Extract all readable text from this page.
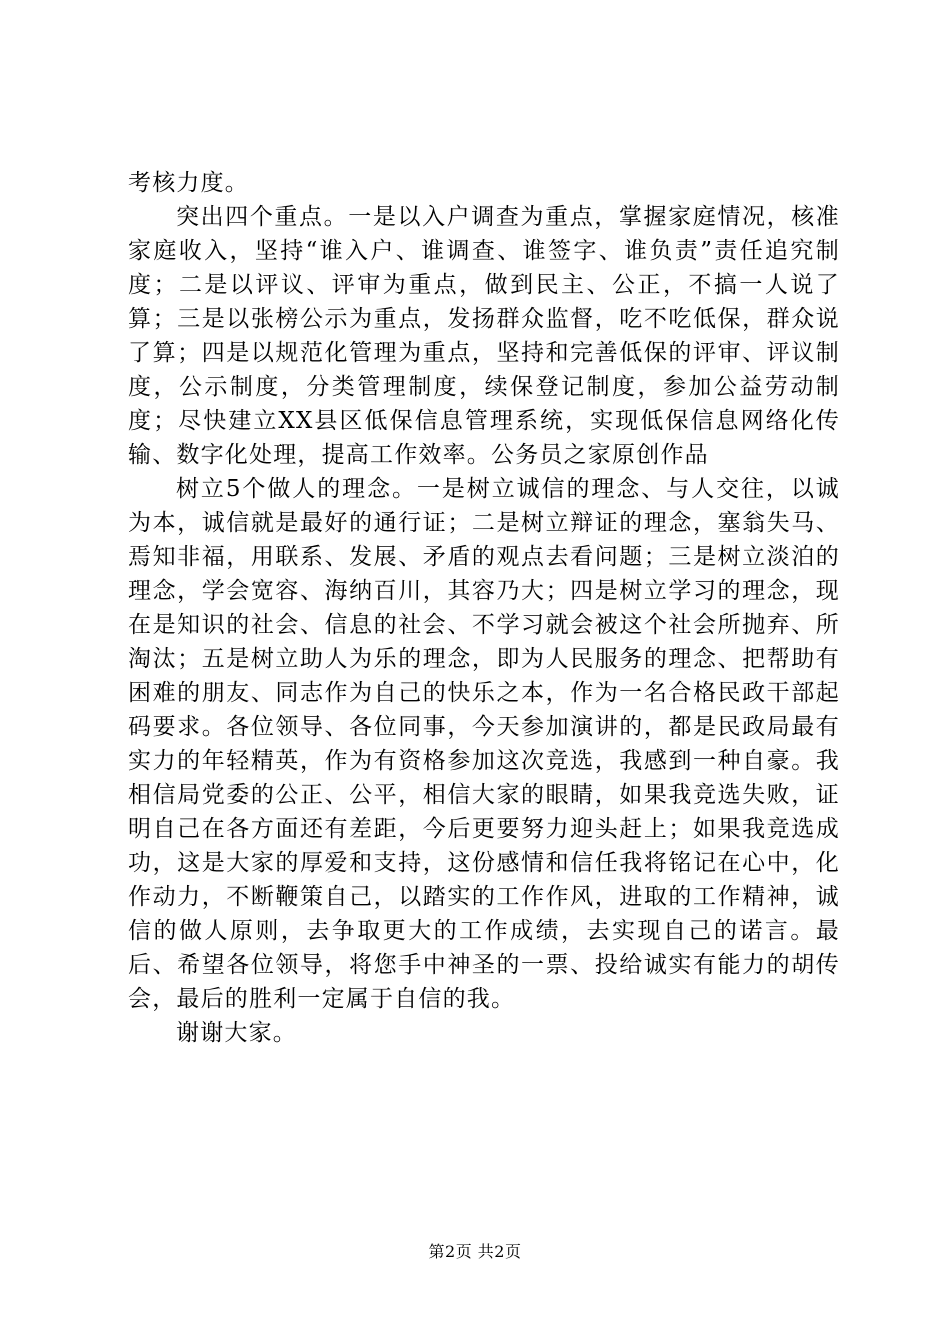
考核力度。

突出四个重点。一是以入户调查为重点，掌握家庭情况，核准家庭收入，坚持“谁入户、谁调查、谁签字、谁负责”责任追究制度；二是以评议、评审为重点，做到民主、公正，不搞一人说了算；三是以张榜公示为重点，发扬群众监督，吃不吃低保，群众说了算；四是以规范化管理为重点，坚持和完善低保的评审、评议制度，公示制度，分类管理制度，续保登记制度，参加公益劳动制度；尽快建立XX县区低保信息管理系统，实现低保信息网络化传输、数字化处理，提高工作效率。公务员之家原创作品

树立5个做人的理念。一是树立诚信的理念、与人交往，以诚为本，诚信就是最好的通行证；二是树立辩证的理念，塞翁失马、焉知非福，用联系、发展、矛盾的观点去看问题；三是树立淡泊的理念，学会宽容、海纳百川，其容乃大；四是树立学习的理念，现在是知识的社会、信息的社会、不学习就会被这个社会所抛弃、所淘汰；五是树立助人为乐的理念，即为人民服务的理念、把帮助有困难的朋友、同志作为自己的快乐之本，作为一名合格民政干部起码要求。各位领导、各位同事，今天参加演讲的，都是民政局最有实力的年轻精英，作为有资格参加这次竞选，我感到一种自豪。我相信局党委的公正、公平，相信大家的眼睛，如果我竞选失败，证明自己在各方面还有差距，今后更要努力迎头赶上；如果我竞选成功，这是大家的厚爱和支持，这份感情和信任我将铭记在心中，化作动力，不断鞭策自己，以踏实的工作作风，进取的工作精神，诚信的做人原则，去争取更大的工作成绩，去实现自己的诺言。最后、希望各位领导，将您手中神圣的一票、投给诚实有能力的胡传会，最后的胜利一定属于自信的我。

谢谢大家。

第2页 共2页
